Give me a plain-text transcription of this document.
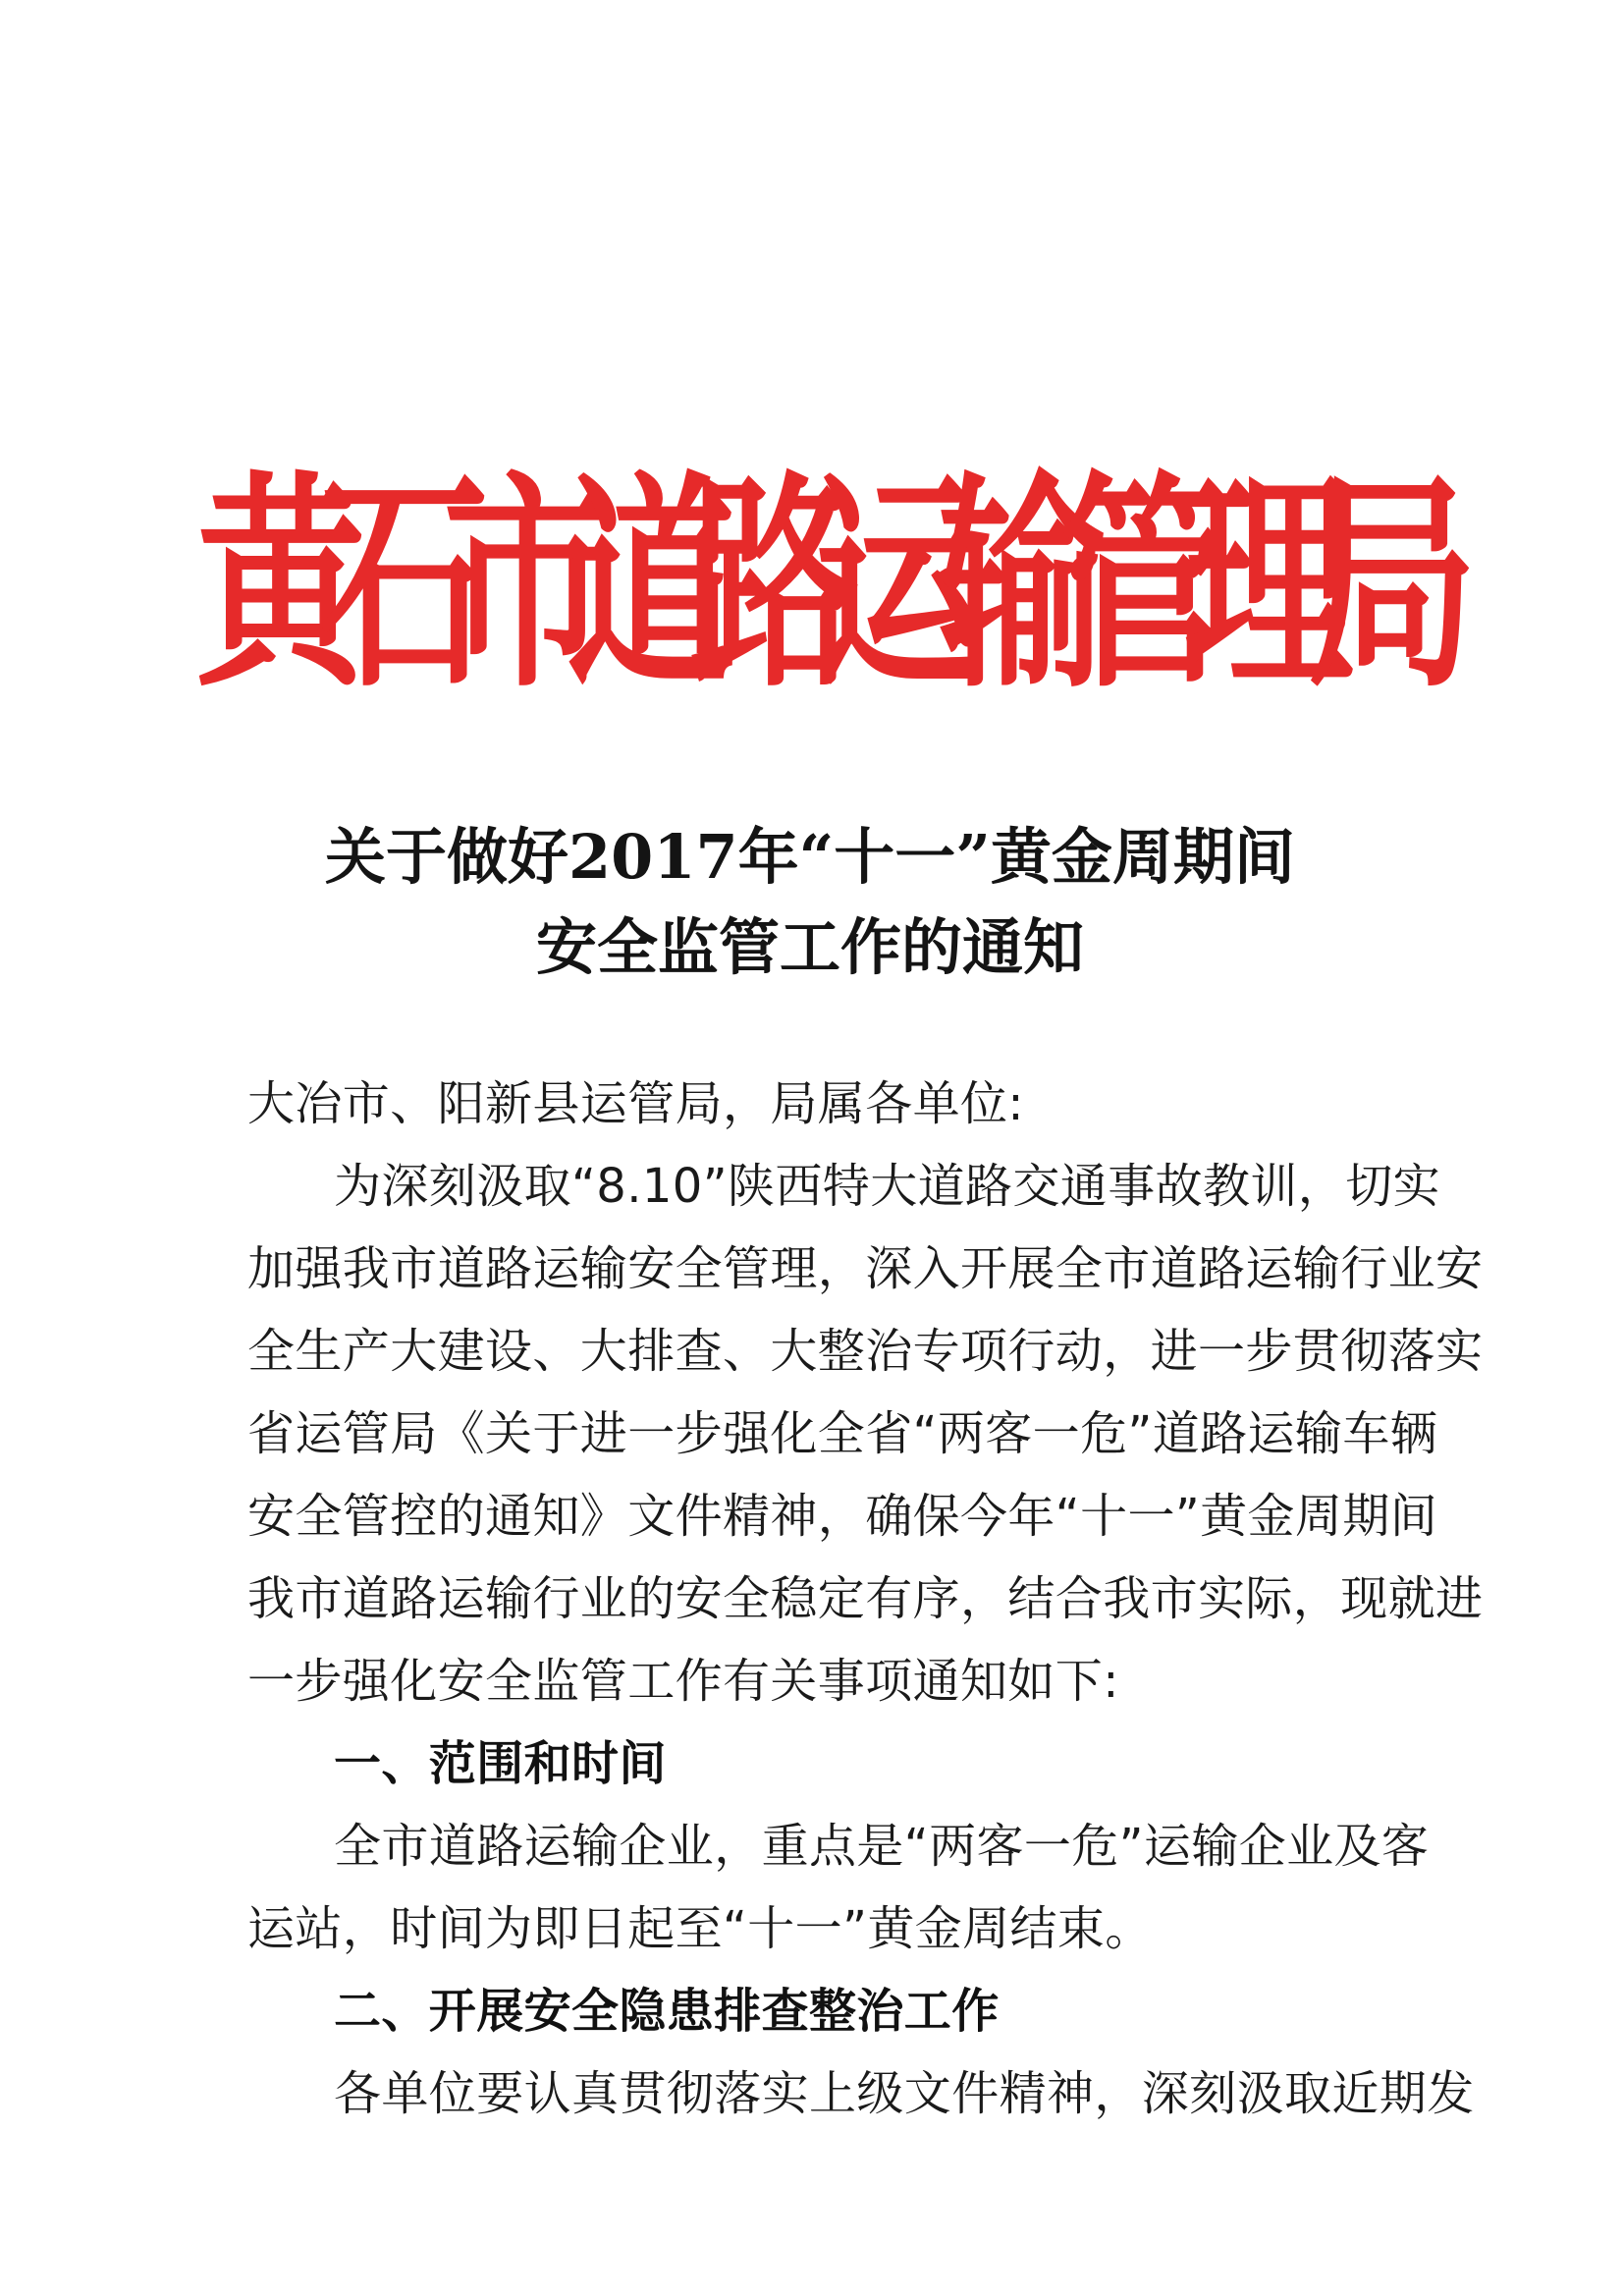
黄
石
市
道
路
运
输
管
理
局
关于做好2017年“十一”黄金周期间
安全监管工作的通知
大冶市、阳新县运管局，局属各单位:
为深刻汲取“8.10”陕西特大道路交通事故教训，切实
加强我市道路运输安全管理，深入开展全市道路运输行业安
全生产大建设、大排查、大整治专项行动，进一步贯彻落实
省运管局《关于进一步强化全省“两客一危”道路运输车辆
安全管控的通知》文件精神，确保今年“十一”黄金周期间
我市道路运输行业的安全稳定有序，结合我市实际，现就进
一步强化安全监管工作有关事项通知如下:
一、范围和时间
全市道路运输企业，重点是“两客一危”运输企业及客
运站，时间为即日起至“十一”黄金周结束。
二、开展安全隐患排查整治工作
各单位要认真贯彻落实上级文件精神，深刻汲取近期发
